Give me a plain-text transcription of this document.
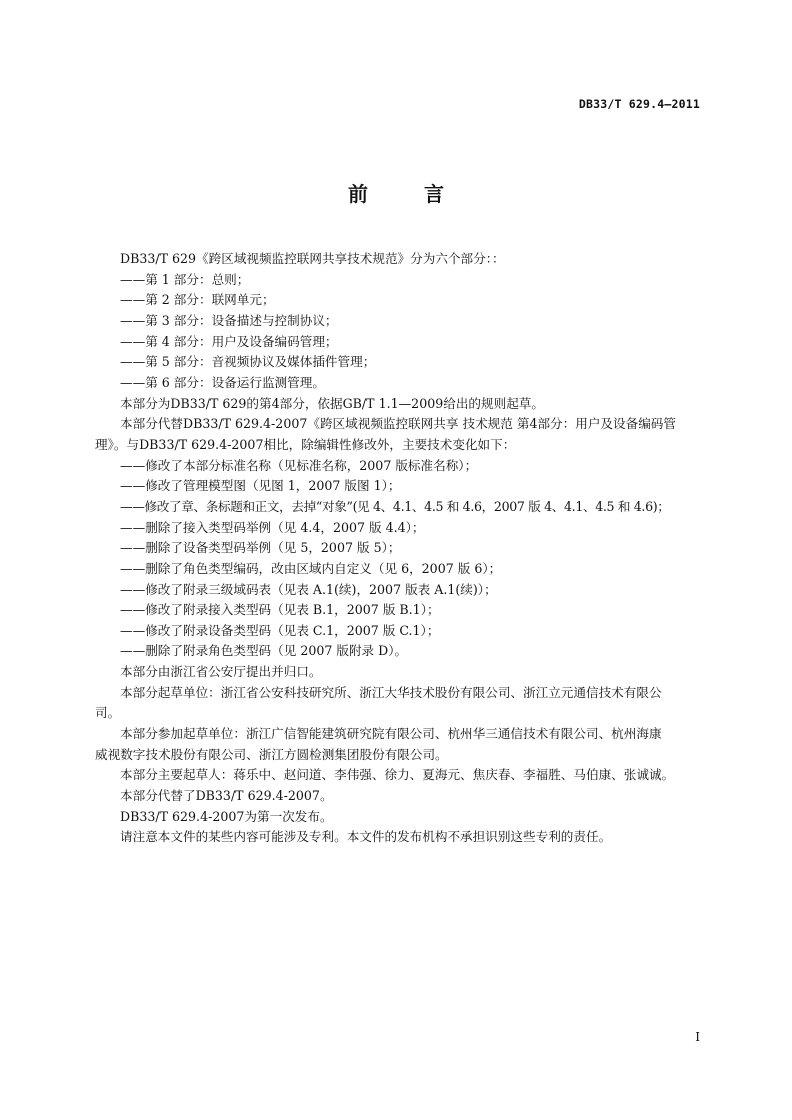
DB33/T 629.4—2011
前	言

DB33/T 629《跨区域视频监控联网共享技术规范》分为六个部分：：

——第 1 部分：总则；

——第 2 部分：联网单元；

——第 3 部分：设备描述与控制协议；

——第 4 部分：用户及设备编码管理；

——第 5 部分：音视频协议及媒体插件管理；

——第 6 部分：设备运行监测管理。

本部分为DB33/T 629的第4部分，依据GB/T 1.1—2009给出的规则起草。

本部分代替DB33/T 629.4-2007《跨区域视频监控联网共享 技术规范 第4部分：用户及设备编码管

理》。与DB33/T 629.4-2007相比，除编辑性修改外，主要技术变化如下：

——修改了本部分标准名称（见标准名称，2007 版标准名称）；

——修改了管理模型图（见图 1，2007 版图 1）；

——修改了章、条标题和正文，去掉“对象”(见 4、4.1、4.5 和 4.6，2007 版 4、4.1、4.5 和 4.6)；

——删除了接入类型码举例（见 4.4，2007 版 4.4）；

——删除了设备类型码举例（见 5，2007 版 5）；

——删除了角色类型编码，改由区域内自定义（见 6，2007 版 6）；

——修改了附录三级域码表（见表 A.1(续)，2007 版表 A.1(续)）；

——修改了附录接入类型码（见表 B.1，2007 版 B.1）；

——修改了附录设备类型码（见表 C.1，2007 版 C.1）；

——删除了附录角色类型码（见 2007 版附录 D）。

本部分由浙江省公安厅提出并归口。

本部分起草单位：浙江省公安科技研究所、浙江大华技术股份有限公司、浙江立元通信技术有限公

司。

本部分参加起草单位：浙江广信智能建筑研究院有限公司、杭州华三通信技术有限公司、杭州海康

威视数字技术股份有限公司、浙江方圆检测集团股份有限公司。

本部分主要起草人：蒋乐中、赵问道、李伟强、徐力、夏海元、焦庆春、李福胜、马伯康、张诚诚。

本部分代替了DB33/T 629.4-2007。

DB33/T 629.4-2007为第一次发布。

请注意本文件的某些内容可能涉及专利。本文件的发布机构不承担识别这些专利的责任。

I
